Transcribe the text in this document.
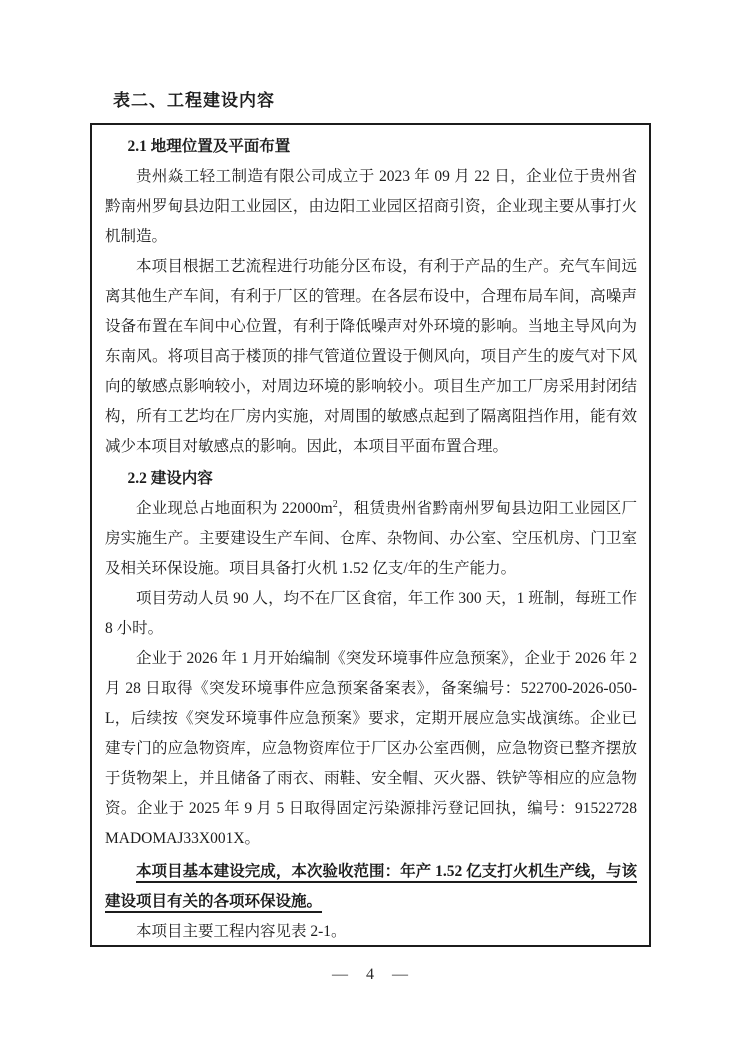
表二、工程建设内容

2.1 地理位置及平面布置

贵州焱工轻工制造有限公司成立于 2023 年 09 月 22 日，企业位于贵州省黔南州罗甸县边阳工业园区，由边阳工业园区招商引资，企业现主要从事打火机制造。

本项目根据工艺流程进行功能分区布设，有利于产品的生产。充气车间远离其他生产车间，有利于厂区的管理。在各层布设中，合理布局车间，高噪声设备布置在车间中心位置，有利于降低噪声对外环境的影响。当地主导风向为东南风。将项目高于楼顶的排气管道位置设于侧风向，项目产生的废气对下风向的敏感点影响较小，对周边环境的影响较小。项目生产加工厂房采用封闭结构，所有工艺均在厂房内实施，对周围的敏感点起到了隔离阻挡作用，能有效减少本项目对敏感点的影响。因此，本项目平面布置合理。

2.2 建设内容

企业现总占地面积为 $22000m^2$，租赁贵州省黔南州罗甸县边阳工业园区厂房实施生产。主要建设生产车间、仓库、杂物间、办公室、空压机房、门卫室及相关环保设施。项目具备打火机 1.52 亿支/年的生产能力。

项目劳动人员 90 人，均不在厂区食宿，年工作 300 天，1 班制，每班工作 8 小时。

企业于 2026 年 1 月开始编制《突发环境事件应急预案》，企业于 2026 年 2 月 28 日取得《突发环境事件应急预案备案表》，备案编号：522700-2026-050-L，后续按《突发环境事件应急预案》要求，定期开展应急实战演练。企业已建专门的应急物资库，应急物资库位于厂区办公室西侧，应急物资已整齐摆放于货物架上，并且储备了雨衣、雨鞋、安全帽、灭火器、铁铲等相应的应急物资。企业于 2025 年 9 月 5 日取得固定污染源排污登记回执，编号：91522728MADOMAJ33X001X。

本项目基本建设完成，本次验收范围：年产 1.52 亿支打火机生产线，与该建设项目有关的各项环保设施。

本项目主要工程内容见表 2-1。

— 4 —
